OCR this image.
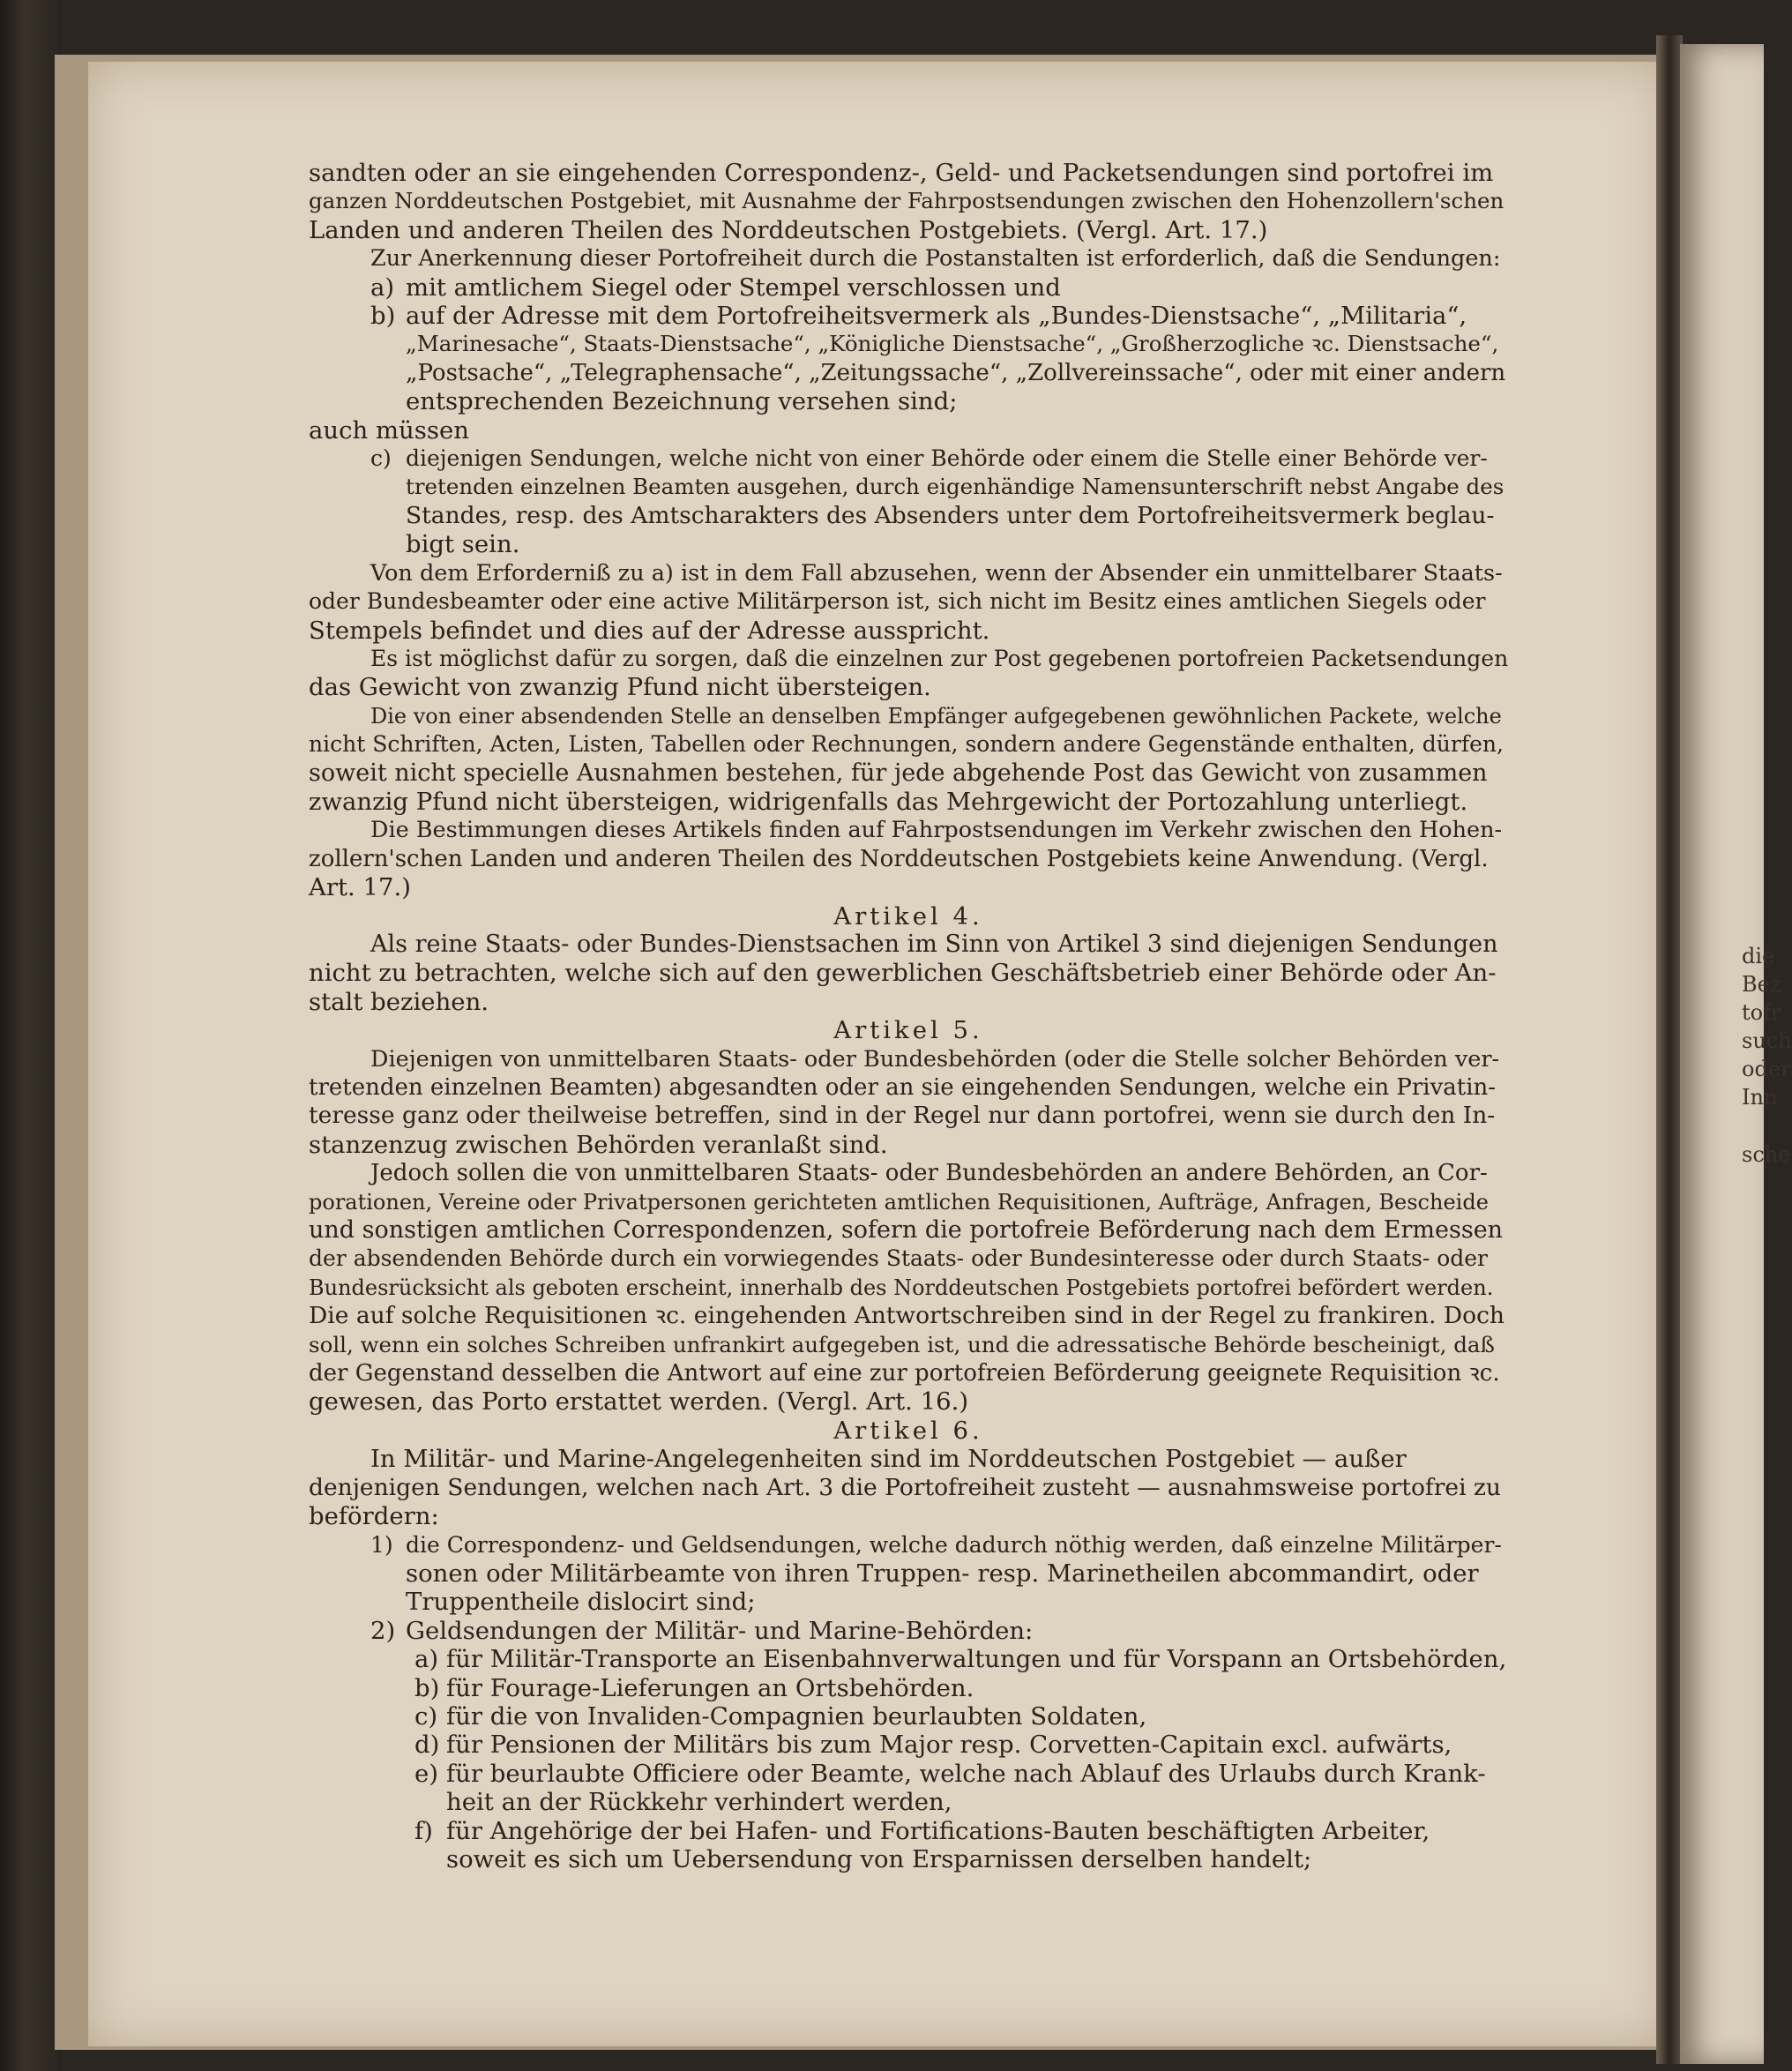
die
Bez
tofr
such
oder
Inn
sche
sandten oder an sie eingehenden Correspondenz-, Geld- und Packetsendungen sind portofrei im
ganzen Norddeutschen Postgebiet, mit Ausnahme der Fahrpostsendungen zwischen den Hohenzollern'schen
Landen und anderen Theilen des Norddeutschen Postgebiets. (Vergl. Art. 17.)
Zur Anerkennung dieser Portofreiheit durch die Postanstalten ist erforderlich, daß die Sendungen:
a) mit amtlichem Siegel oder Stempel verschlossen und
b) auf der Adresse mit dem Portofreiheitsvermerk als „Bundes-Dienstsache“, „Militaria“,
„Marinesache“, Staats-Dienstsache“, „Königliche Dienstsache“, „Großherzogliche ꝛc. Dienstsache“,
„Postsache“, „Telegraphensache“, „Zeitungssache“, „Zollvereinssache“, oder mit einer andern
entsprechenden Bezeichnung versehen sind;
auch müssen
c) diejenigen Sendungen, welche nicht von einer Behörde oder einem die Stelle einer Behörde ver-
tretenden einzelnen Beamten ausgehen, durch eigenhändige Namensunterschrift nebst Angabe des
Standes, resp. des Amtscharakters des Absenders unter dem Portofreiheitsvermerk beglau-
bigt sein.
Von dem Erforderniß zu a) ist in dem Fall abzusehen, wenn der Absender ein unmittelbarer Staats-
oder Bundesbeamter oder eine active Militärperson ist, sich nicht im Besitz eines amtlichen Siegels oder
Stempels befindet und dies auf der Adresse ausspricht.
Es ist möglichst dafür zu sorgen, daß die einzelnen zur Post gegebenen portofreien Packetsendungen
das Gewicht von zwanzig Pfund nicht übersteigen.
Die von einer absendenden Stelle an denselben Empfänger aufgegebenen gewöhnlichen Packete, welche
nicht Schriften, Acten, Listen, Tabellen oder Rechnungen, sondern andere Gegenstände enthalten, dürfen,
soweit nicht specielle Ausnahmen bestehen, für jede abgehende Post das Gewicht von zusammen
zwanzig Pfund nicht übersteigen, widrigenfalls das Mehrgewicht der Portozahlung unterliegt.
Die Bestimmungen dieses Artikels finden auf Fahrpostsendungen im Verkehr zwischen den Hohen-
zollern'schen Landen und anderen Theilen des Norddeutschen Postgebiets keine Anwendung. (Vergl.
Art. 17.)
Artikel 4.
Als reine Staats- oder Bundes-Dienstsachen im Sinn von Artikel 3 sind diejenigen Sendungen
nicht zu betrachten, welche sich auf den gewerblichen Geschäftsbetrieb einer Behörde oder An-
stalt beziehen.
Artikel 5.
Diejenigen von unmittelbaren Staats- oder Bundesbehörden (oder die Stelle solcher Behörden ver-
tretenden einzelnen Beamten) abgesandten oder an sie eingehenden Sendungen, welche ein Privatin-
teresse ganz oder theilweise betreffen, sind in der Regel nur dann portofrei, wenn sie durch den In-
stanzenzug zwischen Behörden veranlaßt sind.
Jedoch sollen die von unmittelbaren Staats- oder Bundesbehörden an andere Behörden, an Cor-
porationen, Vereine oder Privatpersonen gerichteten amtlichen Requisitionen, Aufträge, Anfragen, Bescheide
und sonstigen amtlichen Correspondenzen, sofern die portofreie Beförderung nach dem Ermessen
der absendenden Behörde durch ein vorwiegendes Staats- oder Bundesinteresse oder durch Staats- oder
Bundesrücksicht als geboten erscheint, innerhalb des Norddeutschen Postgebiets portofrei befördert werden.
Die auf solche Requisitionen ꝛc. eingehenden Antwortschreiben sind in der Regel zu frankiren. Doch
soll, wenn ein solches Schreiben unfrankirt aufgegeben ist, und die adressatische Behörde bescheinigt, daß
der Gegenstand desselben die Antwort auf eine zur portofreien Beförderung geeignete Requisition ꝛc.
gewesen, das Porto erstattet werden. (Vergl. Art. 16.)
Artikel 6.
In Militär- und Marine-Angelegenheiten sind im Norddeutschen Postgebiet — außer
denjenigen Sendungen, welchen nach Art. 3 die Portofreiheit zusteht — ausnahmsweise portofrei zu
befördern:
1) die Correspondenz- und Geldsendungen, welche dadurch nöthig werden, daß einzelne Militärper-
sonen oder Militärbeamte von ihren Truppen- resp. Marinetheilen abcommandirt, oder
Truppentheile dislocirt sind;
2) Geldsendungen der Militär- und Marine-Behörden:
a) für Militär-Transporte an Eisenbahnverwaltungen und für Vorspann an Ortsbehörden,
b) für Fourage-Lieferungen an Ortsbehörden.
c) für die von Invaliden-Compagnien beurlaubten Soldaten,
d) für Pensionen der Militärs bis zum Major resp. Corvetten-Capitain excl. aufwärts,
e) für beurlaubte Officiere oder Beamte, welche nach Ablauf des Urlaubs durch Krank-
heit an der Rückkehr verhindert werden,
f) für Angehörige der bei Hafen- und Fortifications-Bauten beschäftigten Arbeiter,
soweit es sich um Uebersendung von Ersparnissen derselben handelt;
